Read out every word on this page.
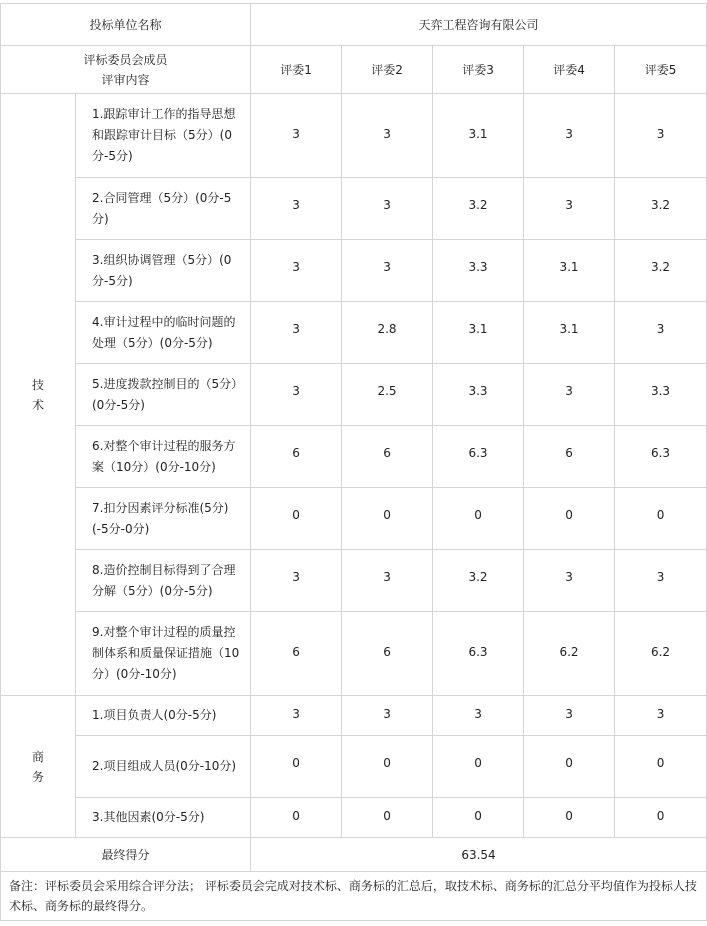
投标单位名称		天弈工程咨询有限公司				

评标委员会成员
评审内容		评委1	评委2	评委3	评委4	评委5

技
术	1.跟踪审计工作的指导思想和跟踪审计目标（5分）(0分-5分)	3	3	3.1	3	3

	2.合同管理（5分）(0分-5分)	3	3	3.2	3	3.2

	3.组织协调管理（5分）(0分-5分)	3	3	3.3	3.1	3.2

	4.审计过程中的临时问题的处理（5分）(0分-5分)	3	2.8	3.1	3.1	3

	5.进度拨款控制目的（5分）(0分-5分)	3	2.5	3.3	3	3.3

	6.对整个审计过程的服务方案（10分）(0分-10分)	6	6	6.3	6	6.3

	7.扣分因素评分标准(5分)(-5分-0分)	0	0	0	0	0

	8.造价控制目标得到了合理分解（5分）(0分-5分)	3	3	3.2	3	3

	9.对整个审计过程的质量控制体系和质量保证措施（10分）(0分-10分)	6	6	6.3	6.2	6.2

商
务	1.项目负责人(0分-5分)	3	3	3	3	3

	2.项目组成人员(0分-10分)	0	0	0	0	0

	3.其他因素(0分-5分)	0	0	0	0	0
最终得分		63.54				
备注：评标委员会采用综合评分法； 评标委员会完成对技术标、商务标的汇总后，取技术标、商务标的汇总分平均值作为投标人技术标、商务标的最终得分。						
